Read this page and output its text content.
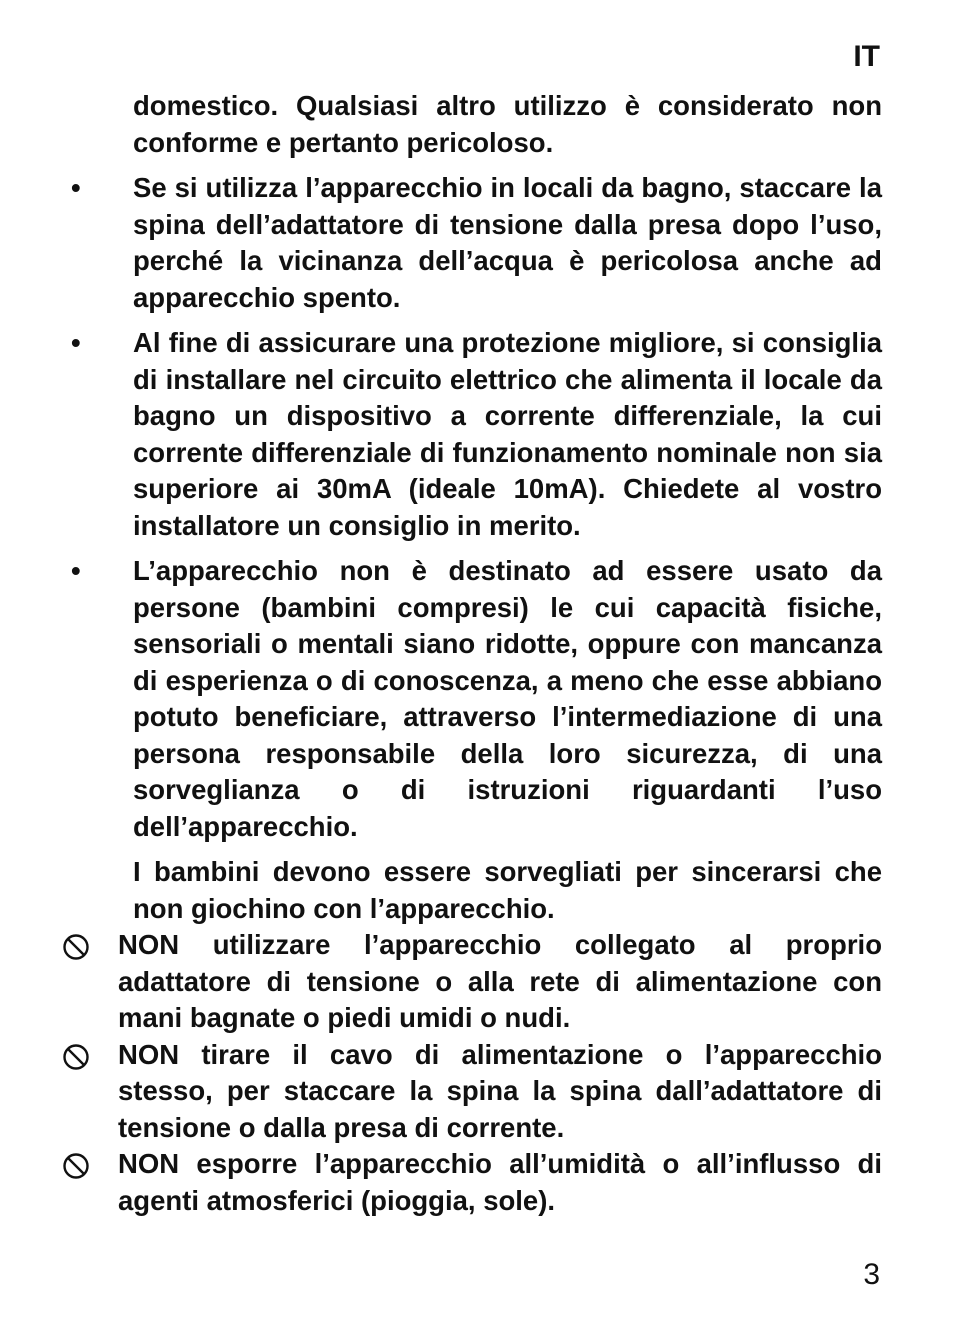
IT
domestico. Qualsiasi altro utilizzo è considerato non conforme e pertanto pericoloso.
• Se si utilizza l’apparecchio in locali da bagno, staccare la spina dell’adattatore di tensione dalla presa dopo l’uso, perché la vicinanza dell’acqua è pericolosa anche ad apparecchio spento.
• Al fine di assicurare una protezione migliore, si consiglia di installare nel circuito elettrico che alimenta il locale da bagno un dispositivo a corrente differenziale, la cui corrente differenziale di funzionamento nominale non sia superiore ai 30mA (ideale 10mA). Chiedete al vostro installatore un consiglio in merito.
• L’apparecchio non è destinato ad essere usato da persone (bambini compresi) le cui capacità fisiche, sensoriali o mentali siano ridotte, oppure con mancanza di esperienza o di conoscenza, a meno che esse abbiano potuto beneficiare, attraverso l’intermediazione di una persona responsabile della loro sicurezza, di una sorveglianza o di istruzioni riguardanti l’uso dell’apparecchio.
I bambini devono essere sorvegliati per sincerarsi che non giochino con l’apparecchio.
NON utilizzare l’apparecchio collegato al proprio adattatore di tensione o alla rete di alimentazione con mani bagnate o piedi umidi o nudi.
NON tirare il cavo di alimentazione o l’apparecchio stesso, per staccare la spina la spina dall’adattatore di tensione o dalla presa di corrente.
NON esporre l’apparecchio all’umidità o all’influsso di agenti atmosferici (pioggia, sole).
3
